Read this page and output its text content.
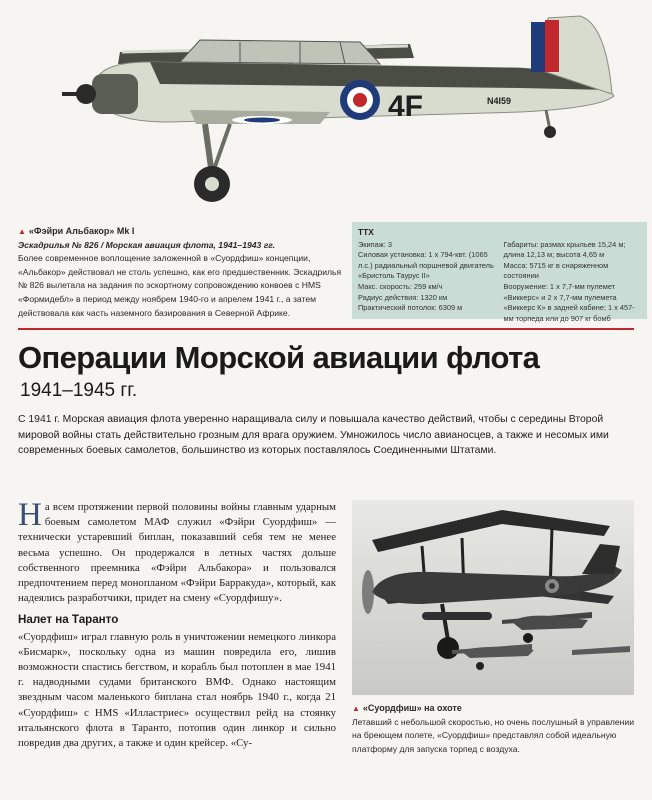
4F	N4I59
▲ «Фэйри Альбакор» Mk I
Эскадрилья № 826 / Морская авиация флота, 1941–1943 гг.
Более современное воплощение заложенной в «Суордфиш» концепции, «Альбакор» действовал не столь успешно, как его предшественник. Эскадрилья № 826 вылетала на задания по эскортному сопровождению конвоев с HMS «Формидебл» в период между ноябрем 1940-го и апрелем 1941 г., а затем действовала как часть наземного базирования в Северной Африке.
ТТХ
Экипаж: 3
Силовая установка: 1 x 794-квт. (1065 л.с.) радиальный поршневой двигатель «Бристоль Таурус II»
Макс. скорость: 259 км/ч
Радиус действия: 1320 км
Практический потолок: 6309 м
Габариты: размах крыльев 15,24 м; длина 12,13 м; высота 4,65 м
Масса: 5715 кг в снаряженном состоянии
Вооружение: 1 x 7,7-мм пулемет «Виккерс» и 2 x 7,7-мм пулемета «Виккерс К» в задней кабине; 1 x 457-мм торпеда или до 907 кг бомб
Операции Морской авиации флота
1941–1945 гг.

С 1941 г. Морская авиация флота уверенно наращивала силу и повышала качество действий, чтобы с середины Второй мировой войны стать действительно грозным для врага оружием. Умножилось число авианосцев, а также и несомых ими современных боевых самолетов, большинство из которых поставлялось Соединенными Штатами.

На всем протяжении первой половины войны главным ударным боевым самолетом МАФ служил «Фэйри Суордфиш» — технически устаревший биплан, показавший себя тем не менее весьма успешно. Он продержался в летных частях дольше собственного преемника «Фэйри Альбакора» и пользовался предпочтением перед монопланом «Фэйри Барракуда», который, как надеялись разработчики, придет на смену «Суордфишу».

Налет на Таранто

«Суордфиш» играл главную роль в уничтожении немецкого линкора «Бисмарк», поскольку одна из машин повредила его, лишив возможности спастись бегством, и корабль был потоплен в мае 1941 г. надводными судами британского ВМФ. Однако настоящим звездным часом маленького биплана стал ноябрь 1940 г., когда 21 «Суордфиш» с HMS «Илластриес» осуществил рейд на стоянку итальянского флота в Таранто, потопив один линкор и сильно повредив два других, а также и один крейсер. «Су-

▲ «Суордфиш» на охоте
Летавший с небольшой скоростью, но очень послушный в управлении на бреющем полете, «Суордфиш» представлял собой идеальную платформу для запуска торпед с воздуха.
